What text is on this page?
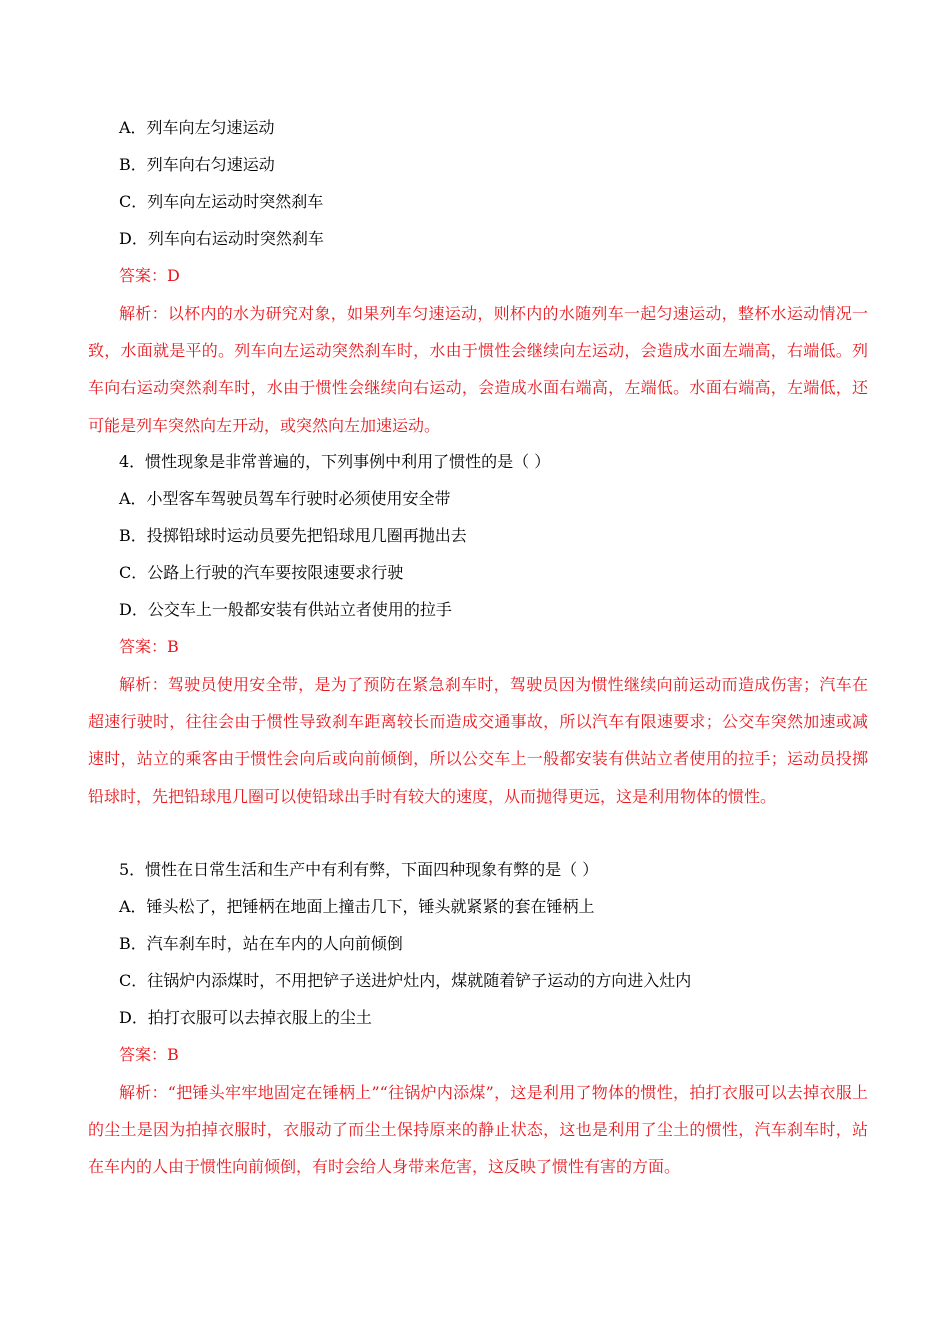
A．列车向左匀速运动
B．列车向右匀速运动
C．列车向左运动时突然刹车
D．列车向右运动时突然刹车
答案：D
解析：以杯内的水为研究对象，如果列车匀速运动，则杯内的水随列车一起匀速运动，整杯水运动情况一致，水面就是平的。列车向左运动突然刹车时，水由于惯性会继续向左运动，会造成水面左端高，右端低。列车向右运动突然刹车时，水由于惯性会继续向右运动，会造成水面右端高，左端低。水面右端高，左端低，还可能是列车突然向左开动，或突然向左加速运动。
4．惯性现象是非常普遍的，下列事例中利用了惯性的是（ ）
A．小型客车驾驶员驾车行驶时必须使用安全带
B．投掷铅球时运动员要先把铅球甩几圈再抛出去
C．公路上行驶的汽车要按限速要求行驶
D．公交车上一般都安装有供站立者使用的拉手
答案：B
解析：驾驶员使用安全带，是为了预防在紧急刹车时，驾驶员因为惯性继续向前运动而造成伤害；汽车在超速行驶时，往往会由于惯性导致刹车距离较长而造成交通事故，所以汽车有限速要求；公交车突然加速或减速时，站立的乘客由于惯性会向后或向前倾倒，所以公交车上一般都安装有供站立者使用的拉手；运动员投掷铅球时，先把铅球甩几圈可以使铅球出手时有较大的速度，从而抛得更远，这是利用物体的惯性。
5．惯性在日常生活和生产中有利有弊，下面四种现象有弊的是（ ）
A．锤头松了，把锤柄在地面上撞击几下，锤头就紧紧的套在锤柄上
B．汽车刹车时，站在车内的人向前倾倒
C．往锅炉内添煤时，不用把铲子送进炉灶内，煤就随着铲子运动的方向进入灶内
D．拍打衣服可以去掉衣服上的尘土
答案：B
解析：“把锤头牢牢地固定在锤柄上”“往锅炉内添煤”，这是利用了物体的惯性，拍打衣服可以去掉衣服上的尘土是因为拍掉衣服时，衣服动了而尘土保持原来的静止状态，这也是利用了尘土的惯性，汽车刹车时，站在车内的人由于惯性向前倾倒，有时会给人身带来危害，这反映了惯性有害的方面。
